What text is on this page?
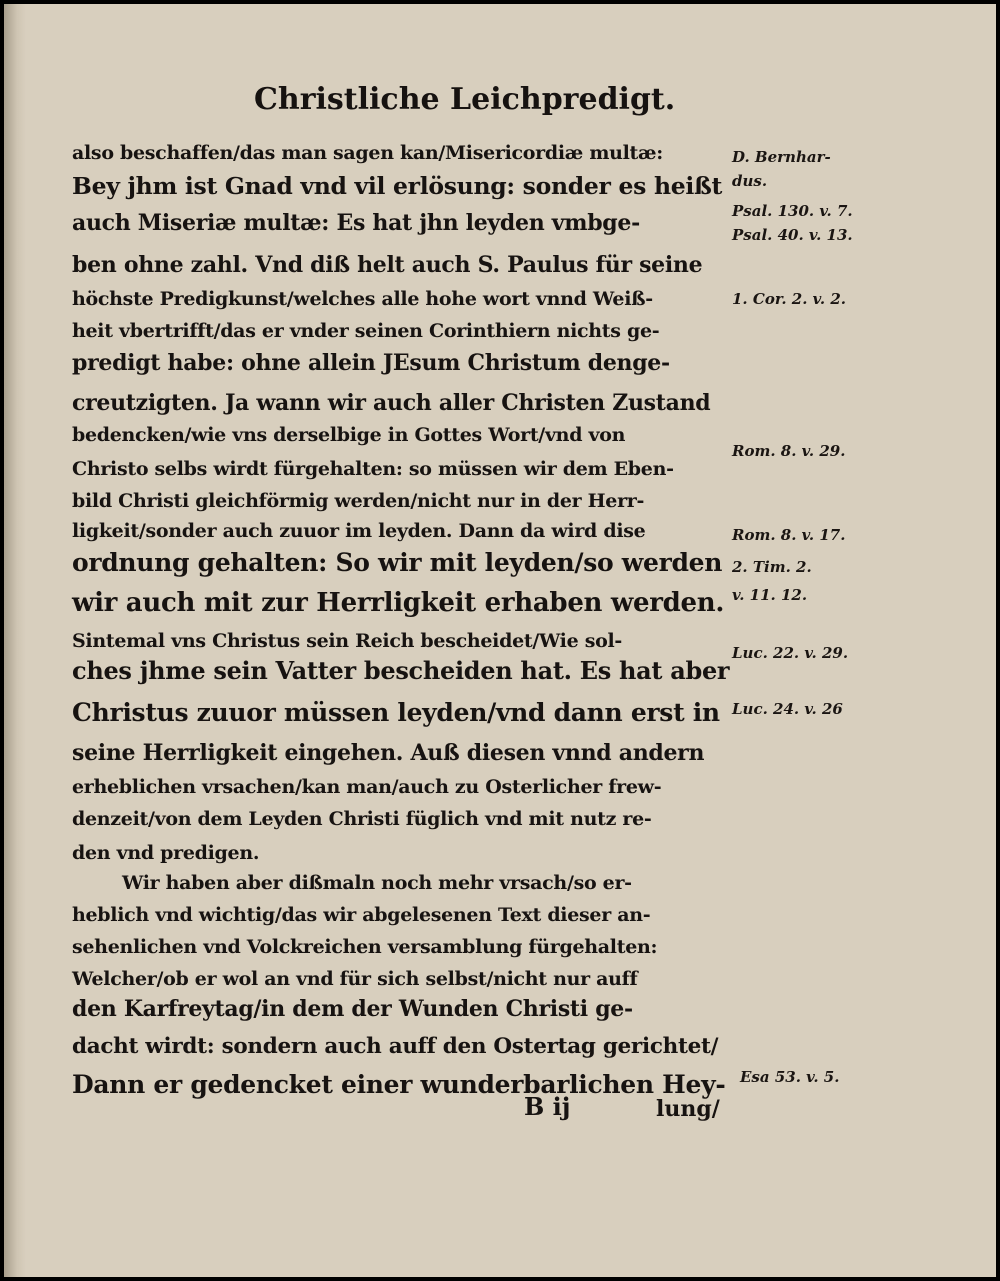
Christliche Leichpredigt.
also beschaffen/das man sagen kan/Misericordiæ multæ:
Bey jhm ist Gnad vnd vil erlösung: sonder es heißt
auch Miseriæ multæ: Es hat jhn leyden vmbge-
ben ohne zahl. Vnd diß helt auch S. Paulus für seine
höchste Predigkunst/welches alle hohe wort vnnd Weiß-
heit vbertrifft/das er vnder seinen Corinthiern nichts ge-
predigt habe: ohne allein JEsum Christum denge-
creutzigten. Ja wann wir auch aller Christen Zustand
bedencken/wie vns derselbige in Gottes Wort/vnd von
Christo selbs wirdt fürgehalten: so müssen wir dem Eben-
bild Christi gleichförmig werden/nicht nur in der Herr-
ligkeit/sonder auch zuuor im leyden. Dann da wird dise
ordnung gehalten: So wir mit leyden/so werden
wir auch mit zur Herrligkeit erhaben werden.
Sintemal vns Christus sein Reich bescheidet/Wie sol-
ches jhme sein Vatter bescheiden hat. Es hat aber
Christus zuuor müssen leyden/vnd dann erst in
seine Herrligkeit eingehen. Auß diesen vnnd andern
erheblichen vrsachen/kan man/auch zu Osterlicher frew-
denzeit/von dem Leyden Christi füglich vnd mit nutz re-
den vnd predigen.
Wir haben aber dißmaln noch mehr vrsach/so er-
heblich vnd wichtig/das wir abgelesenen Text dieser an-
sehenlichen vnd Volckreichen versamblung fürgehalten:
Welcher/ob er wol an vnd für sich selbst/nicht nur auff
den Karfreytag/in dem der Wunden Christi ge-
dacht wirdt: sondern auch auff den Ostertag gerichtet/
Dann er gedencket einer wunderbarlichen Hey-
D. Bernhar-
dus.
Psal. 130. v. 7.
Psal. 40. v. 13.
1. Cor. 2. v. 2.
Rom. 8. v. 29.
Rom. 8. v. 17.
2. Tim. 2.
v. 11. 12.
Luc. 22. v. 29.
Luc. 24. v. 26
Esa 53. v. 5.
B ij	lung/
